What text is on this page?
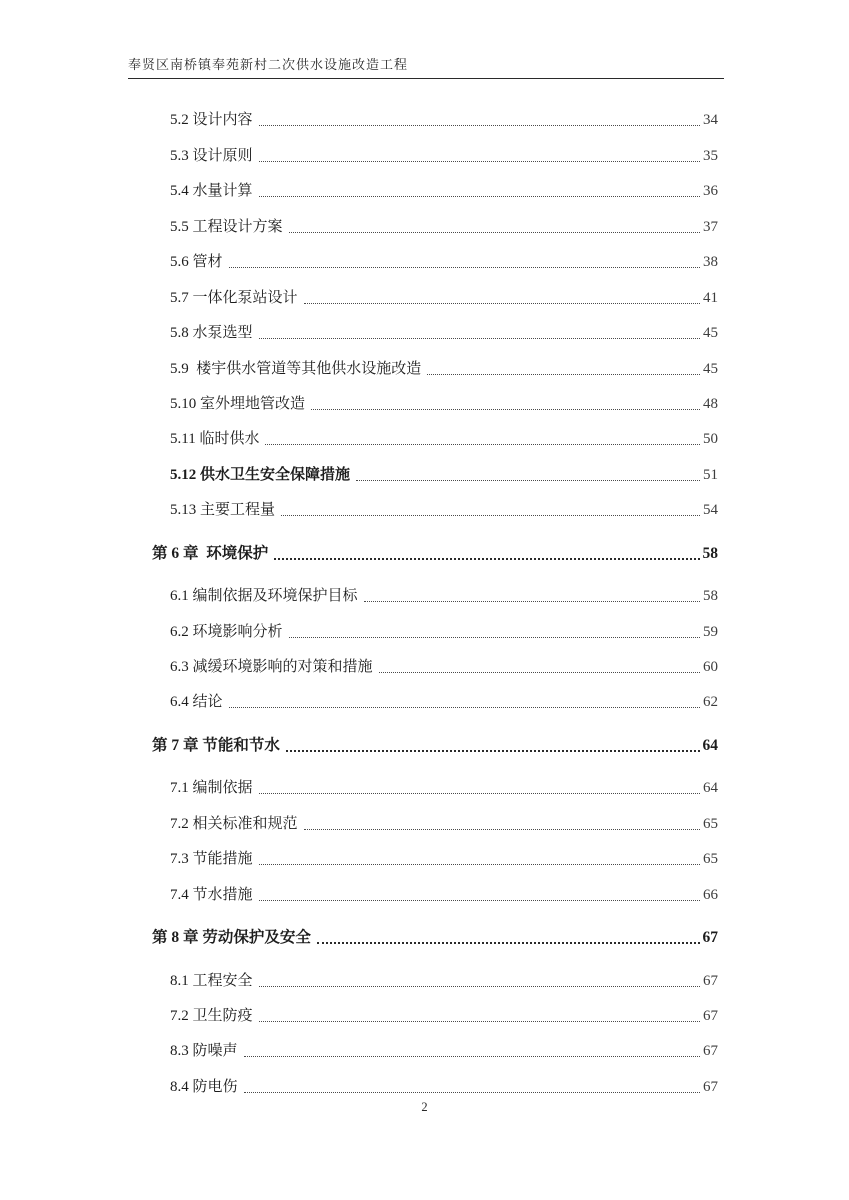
奉贤区南桥镇奉苑新村二次供水设施改造工程
5.2 设计内容	34
5.3 设计原则	35
5.4 水量计算	36
5.5 工程设计方案	37
5.6 管材	38
5.7 一体化泵站设计	41
5.8 水泵选型	45
5.9  楼宇供水管道等其他供水设施改造	45
5.10 室外埋地管改造	48
5.11 临时供水	50
5.12 供水卫生安全保障措施	51
5.13 主要工程量	54
第 6 章  环境保护	58
6.1 编制依据及环境保护目标	58
6.2 环境影响分析	59
6.3 减缓环境影响的对策和措施	60
6.4 结论	62
第 7 章 节能和节水	64
7.1 编制依据	64
7.2 相关标准和规范	65
7.3 节能措施	65
7.4 节水措施	66
第 8 章 劳动保护及安全	67
8.1 工程安全	67
7.2 卫生防疫	67
8.3 防噪声	67
8.4 防电伤	67
2
